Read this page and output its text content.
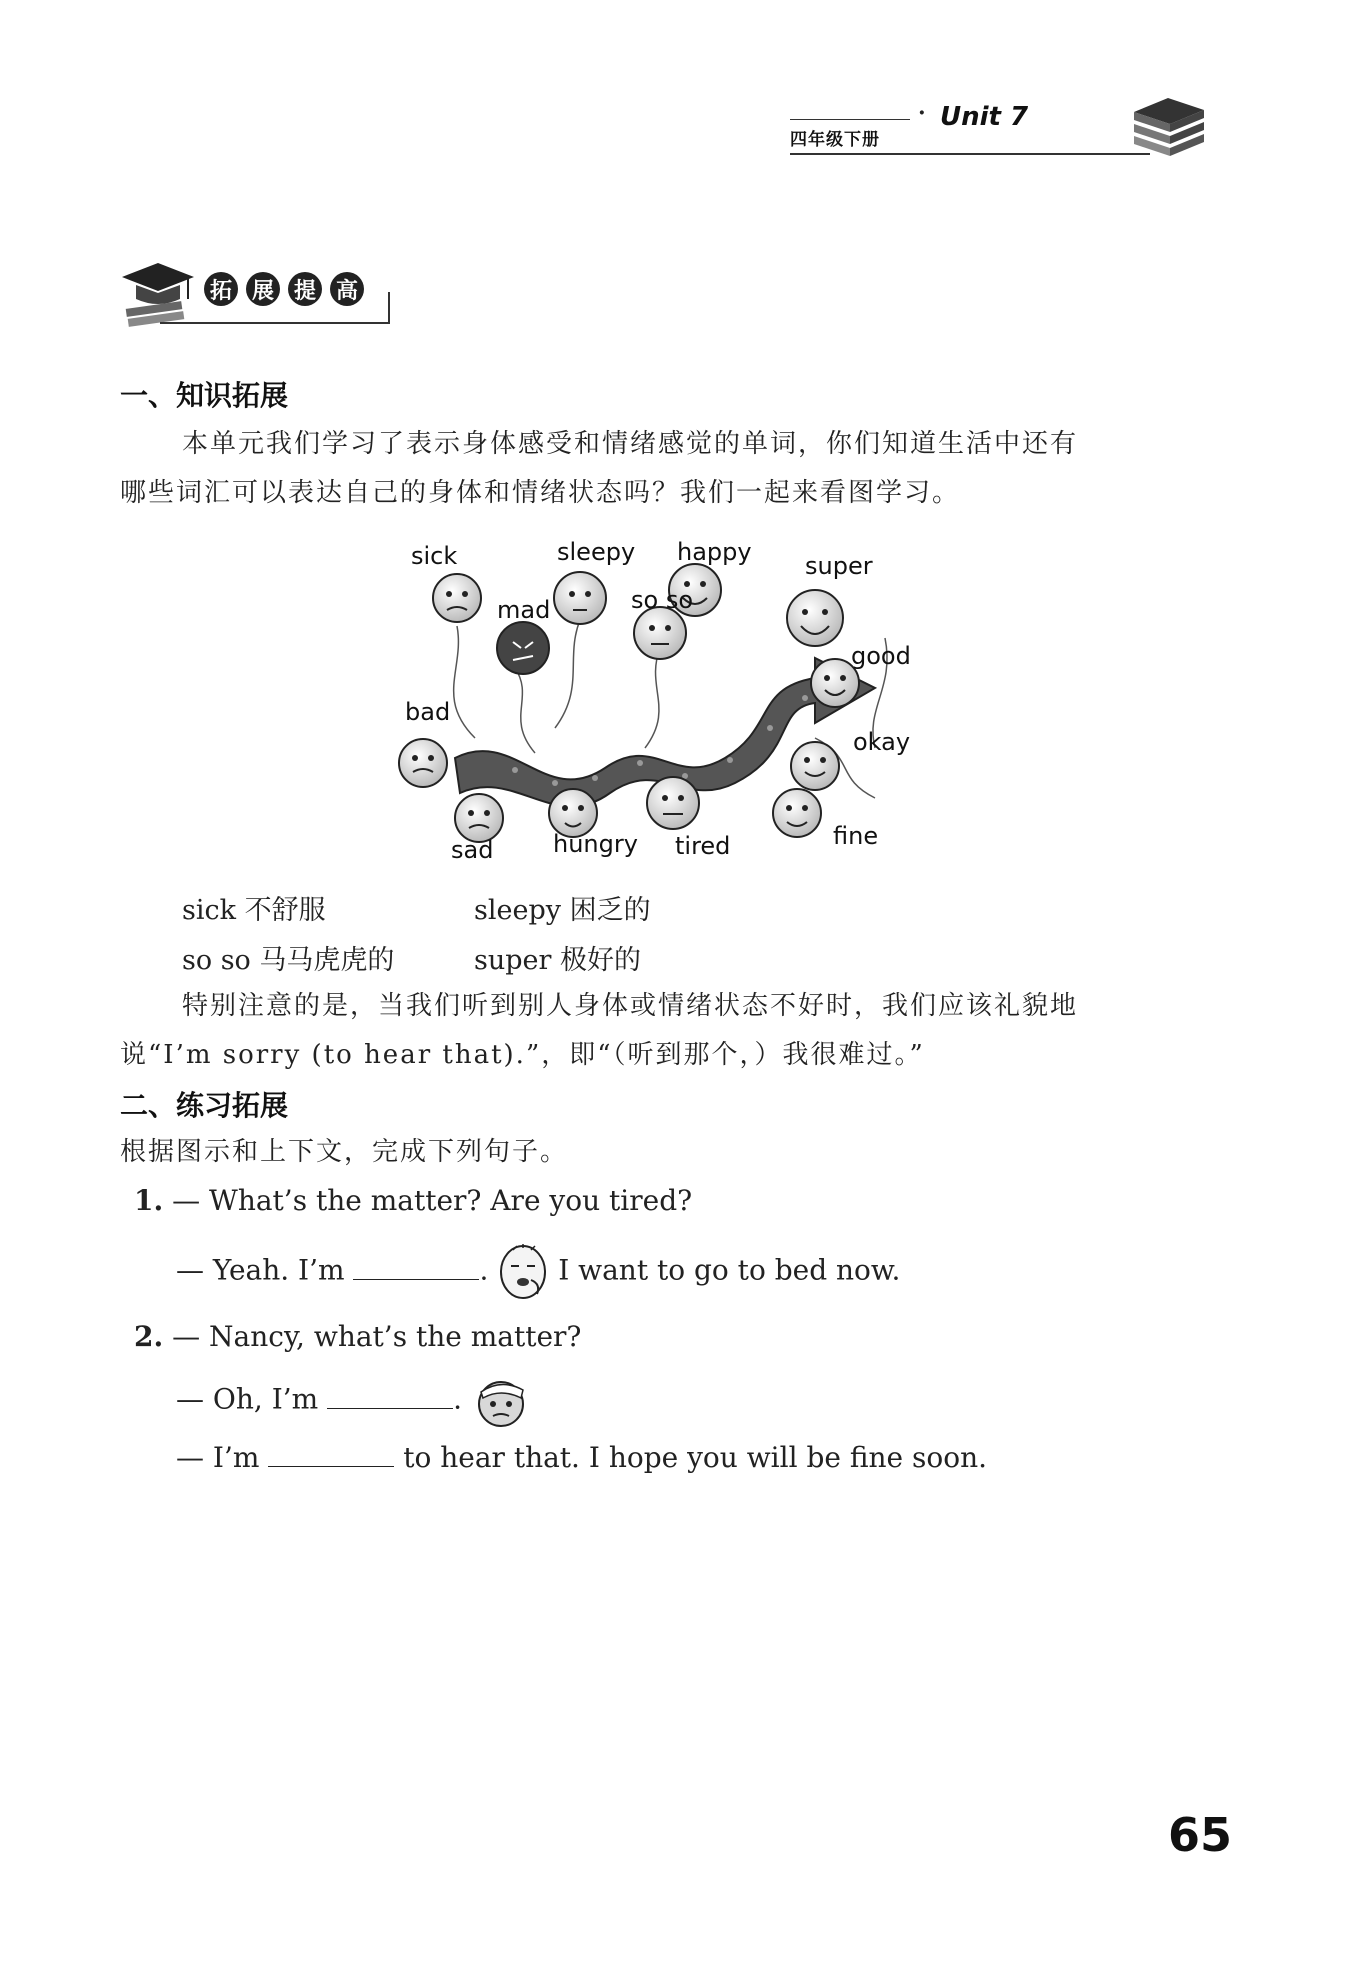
四年级下册
· Unit 7
拓 展 提 高
一、知识拓展
本单元我们学习了表示身体感受和情绪感觉的单词，你们知道生活中还有
哪些词汇可以表达自己的身体和情绪状态吗？我们一起来看图学习。
sick	sleepy happy super
mad	so so
good
bad
okay
sad hungry tired	fine
sick 不舒服	sleepy 困乏的
so so 马马虎虎的	super 极好的
特别注意的是，当我们听到别人身体或情绪状态不好时，我们应该礼貌地
说“I’m sorry (to hear that).”，即“（听到那个，）我很难过。”
二、练习拓展
根据图示和上下文，完成下列句子。
1. — What’s the matter? Are you tired?
— Yeah. I’m	. I want to go to bed now.
2. — Nancy, what’s the matter?
— Oh, I’m	.
— I’m	to hear that. I hope you will be fine soon.
65
